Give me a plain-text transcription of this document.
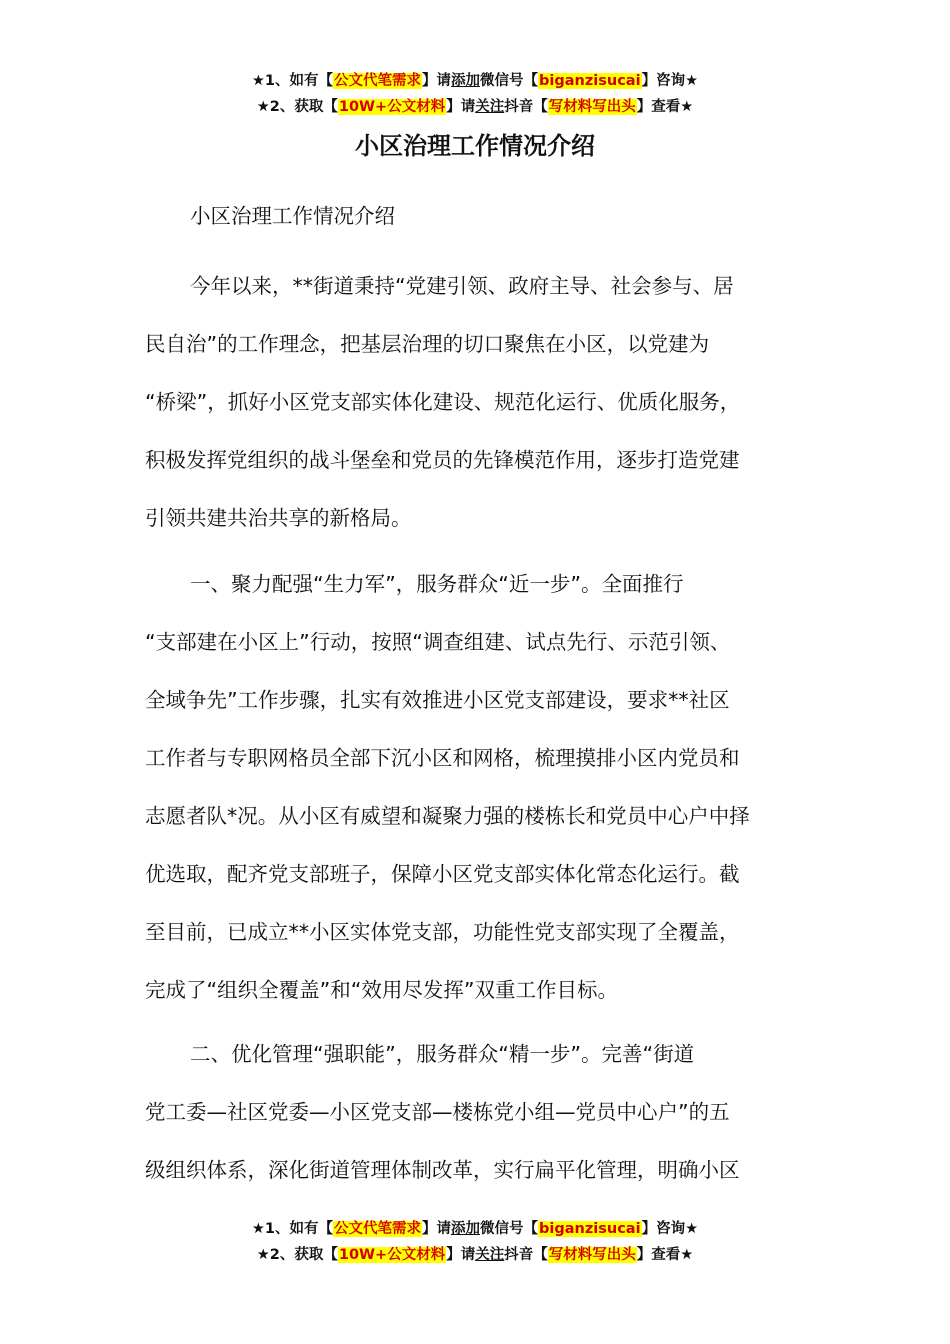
★1、如有【公文代笔需求】请添加微信号【biganzisucai】咨询★
★2、获取【10W+公文材料】请关注抖音【写材料写出头】查看★
小区治理工作情况介绍
小区治理工作情况介绍
今年以来，**街道秉持“党建引领、政府主导、社会参与、居
民自治”的工作理念，把基层治理的切口聚焦在小区，以党建为
“桥梁”，抓好小区党支部实体化建设、规范化运行、优质化服务，
积极发挥党组织的战斗堡垒和党员的先锋模范作用，逐步打造党建
引领共建共治共享的新格局。
一、聚力配强“生力军”，服务群众“近一步”。全面推行
“支部建在小区上”行动，按照“调查组建、试点先行、示范引领、
全域争先”工作步骤，扎实有效推进小区党支部建设，要求**社区
工作者与专职网格员全部下沉小区和网格，梳理摸排小区内党员和
志愿者队*况。从小区有威望和凝聚力强的楼栋长和党员中心户中择
优选取，配齐党支部班子，保障小区党支部实体化常态化运行。截
至目前，已成立**小区实体党支部，功能性党支部实现了全覆盖，
完成了“组织全覆盖”和“效用尽发挥”双重工作目标。
二、优化管理“强职能”，服务群众“精一步”。完善“街道
党工委—社区党委—小区党支部—楼栋党小组—党员中心户”的五
级组织体系，深化街道管理体制改革，实行扁平化管理，明确小区
★1、如有【公文代笔需求】请添加微信号【biganzisucai】咨询★
★2、获取【10W+公文材料】请关注抖音【写材料写出头】查看★
